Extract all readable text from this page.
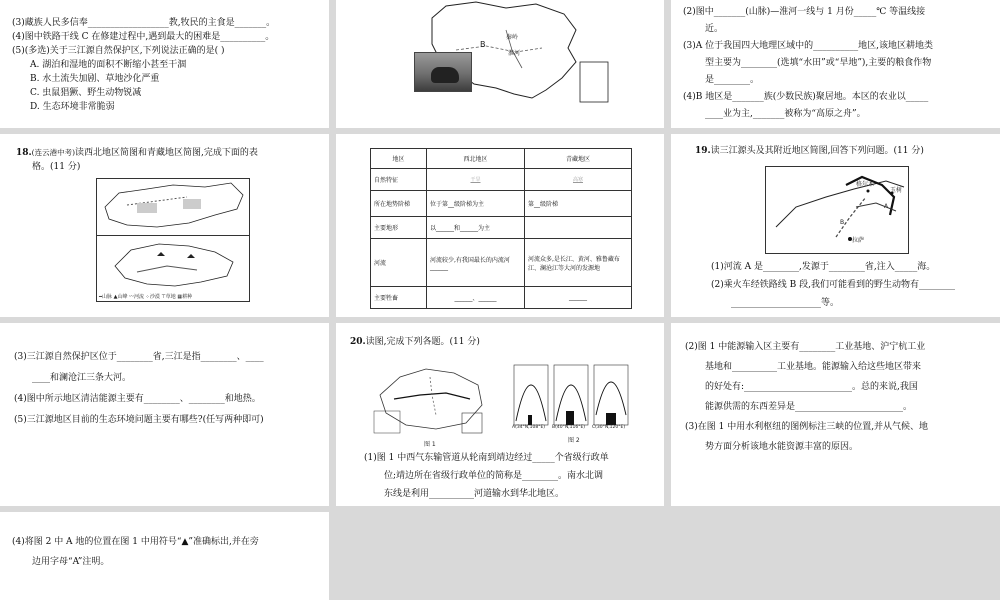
(3)藏族人民多信奉__________________教,牧民的主食是_______。
(4)图中铁路干线 C 在修建过程中,遇到最大的困难是__________。
(5)(多选)关于三江源自然保护区,下列说法正确的是( )
A. 湖泊和湿地的面积不断缩小甚至干涸
B. 水土流失加剧、草地沙化严重
C. 虫鼠猖獗、野生动物锐减
D. 生态环境非常脆弱
B
秦岭
淮河
(2)图中_______(山脉)—淮河一线与 1 月份_____℃ 等温线接
近。
(3)A 位于我国四大地理区域中的__________地区,该地区耕地类
型主要为________(选填“水田”或“旱地”),主要的粮食作物
是________。
(4)B 地区是_______族(少数民族)聚居地。本区的农业以_____
____业为主,_______被称为“高原之舟”。
18.(连云港中考)读西北地区简图和青藏地区简图,完成下面的表
格。(11 分)
━山脉 ▲山峰 〰河流 ⁘沙漠 ⊤草地 ▦耕种
地区	西北地区	青藏地区
自然特征	干旱	高寒
所在地势阶梯	位于第__级阶梯为主	第__级阶梯
主要地形	以______和______为主	
河流	河流较少,有我国最长的内流河______	河流众多,是长江、黄河、雅鲁藏布江、澜沧江等大河的发源地
主要牲畜	______、______	______
19.读三江源头及其附近地区简图,回答下列问题。(11 分)
格尔木
玉树
拉萨
A
B
(1)河流 A 是________,发源于________省,注入_____海。
(2)乘火车经铁路线 B 段,我们可能看到的野生动物有________
____________________等。
(3)三江源自然保护区位于________省,三江是指________、____
____和澜沧江三条大河。
(4)图中所示地区清洁能源主要有________、________和地热。
(5)三江源地区目前的生态环境问题主要有哪些?(任写两种即可)
20.读图,完成下列各题。(11 分)
图 1
A(34°N,108°E) B(40°N,116°E) C(30°N,120°E)
图 2
(1)图 1 中西气东输管道从轮南到靖边经过_____个省级行政单
位;靖边所在省级行政单位的简称是________。南水北调
东线是利用__________河道输水到华北地区。
(2)图 1 中能源输入区主要有________工业基地、沪宁杭工业
基地和__________工业基地。能源输入给这些地区带来
的好处有:________________________。总的来说,我国
能源供需的东西差异是________________________。
(3)在图 1 中用水利枢纽的图例标注三峡的位置,并从气候、地
势方面分析该地水能资源丰富的原因。
(4)将图 2 中 A 地的位置在图 1 中用符号“▲”准确标出,并在旁
边用字母“A”注明。
